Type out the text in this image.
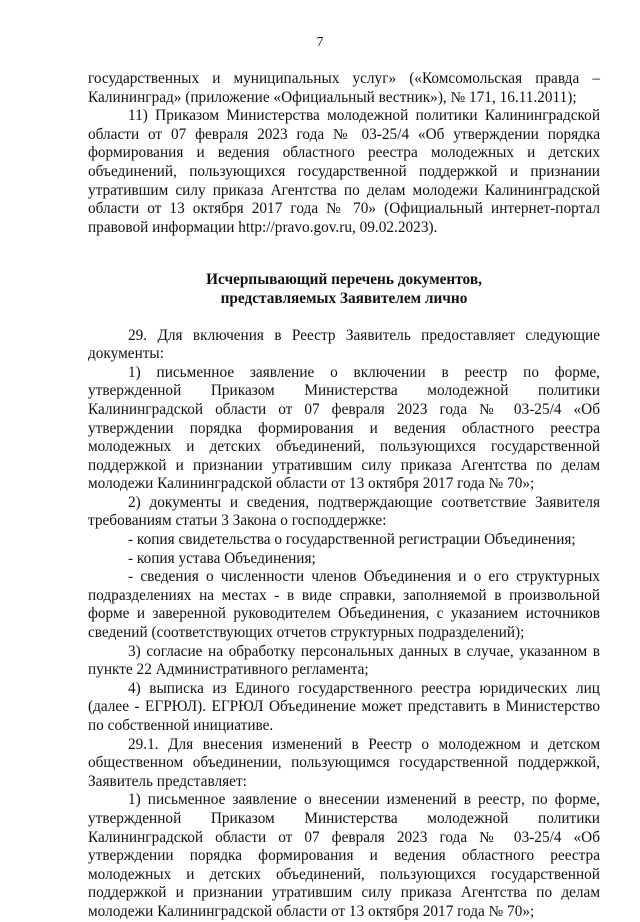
7

государственных и муниципальных услуг» («Комсомольская правда – Калининград» (приложение «Официальный вестник»), № 171, 16.11.2011);

11) Приказом Министерства молодежной политики Калининградской области от 07 февраля 2023 года № 03-25/4 «Об утверждении порядка формирования и ведения областного реестра молодежных и детских объединений, пользующихся государственной поддержкой и признании утратившим силу приказа Агентства по делам молодежи Калининградской области от 13 октября 2017 года № 70» (Официальный интернет-портал правовой информации http://pravo.gov.ru, 09.02.2023).

Исчерпывающий перечень документов,
представляемых Заявителем лично

29. Для включения в Реестр Заявитель предоставляет следующие документы:

1) письменное заявление о включении в реестр по форме, утвержденной Приказом Министерства молодежной политики Калининградской области от 07 февраля 2023 года № 03-25/4 «Об утверждении порядка формирования и ведения областного реестра молодежных и детских объединений, пользующихся государственной поддержкой и признании утратившим силу приказа Агентства по делам молодежи Калининградской области от 13 октября 2017 года № 70»;

2) документы и сведения, подтверждающие соответствие Заявителя требованиям статьи 3 Закона о господдержке:

- копия свидетельства о государственной регистрации Объединения;

- копия устава Объединения;

- сведения о численности членов Объединения и о его структурных подразделениях на местах - в виде справки, заполняемой в произвольной форме и заверенной руководителем Объединения, с указанием источников сведений (соответствующих отчетов структурных подразделений);

3) согласие на обработку персональных данных в случае, указанном в пункте 22 Административного регламента;

4) выписка из Единого государственного реестра юридических лиц (далее - ЕГРЮЛ). ЕГРЮЛ Объединение может представить в Министерство по собственной инициативе.

29.1. Для внесения изменений в Реестр о молодежном и детском общественном объединении, пользующимся государственной поддержкой, Заявитель представляет:

1) письменное заявление о внесении изменений в реестр, по форме, утвержденной Приказом Министерства молодежной политики Калининградской области от 07 февраля 2023 года № 03-25/4 «Об утверждении порядка формирования и ведения областного реестра молодежных и детских объединений, пользующихся государственной поддержкой и признании утратившим силу приказа Агентства по делам молодежи Калининградской области от 13 октября 2017 года № 70»;
